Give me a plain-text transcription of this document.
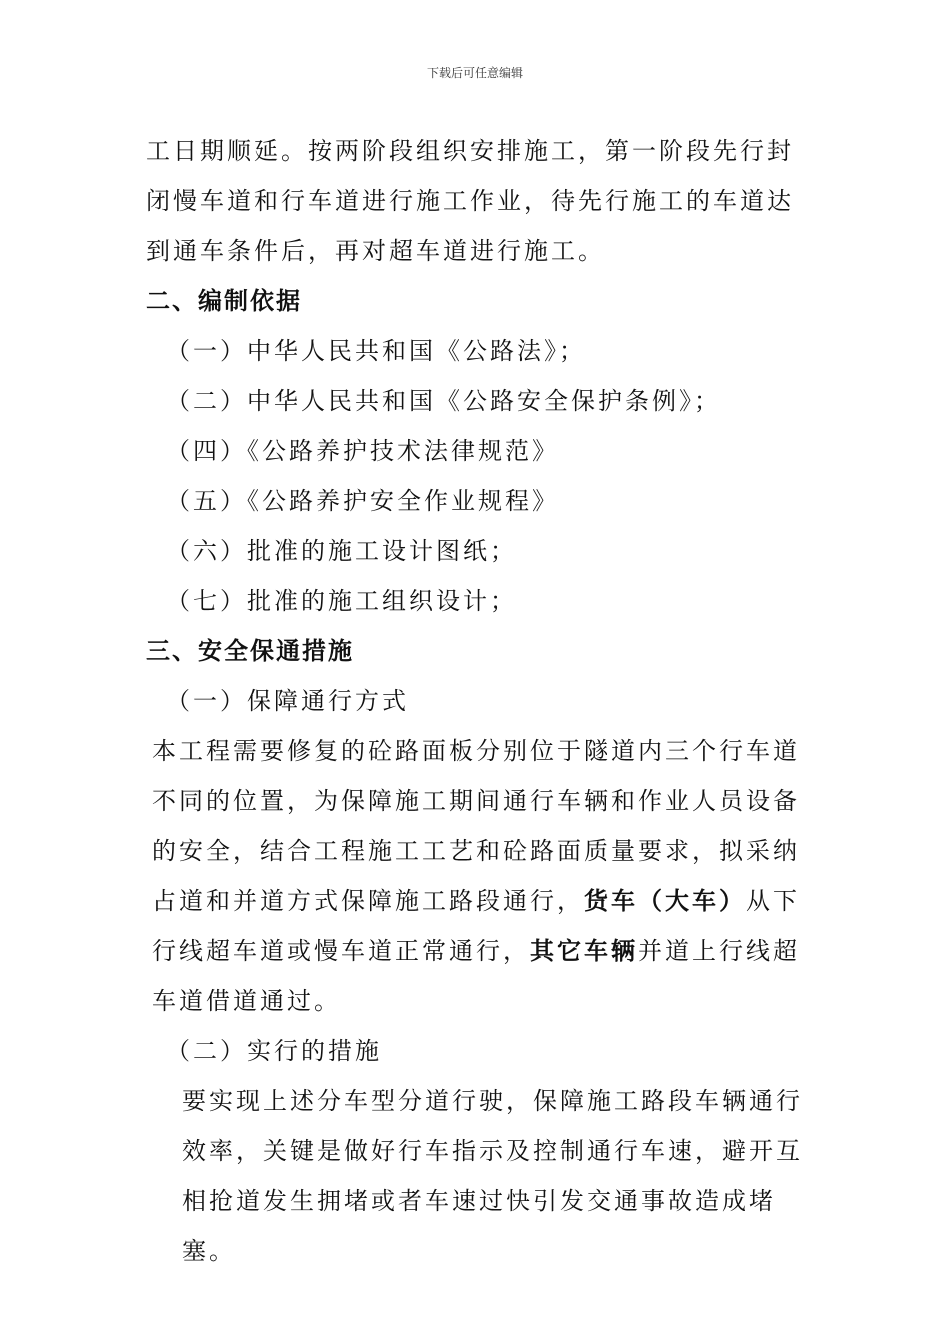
下载后可任意编辑

工日期顺延。按两阶段组织安排施工，第一阶段先行封闭慢车道和行车道进行施工作业，待先行施工的车道达到通车条件后，再对超车道进行施工。

二、编制依据

（一）中华人民共和国《公路法》；

（二）中华人民共和国《公路安全保护条例》；

（四）《公路养护技术法律规范》

（五）《公路养护安全作业规程》

（六）批准的施工设计图纸；

（七）批准的施工组织设计；

三、安全保通措施

（一）保障通行方式

本工程需要修复的砼路面板分别位于隧道内三个行车道不同的位置，为保障施工期间通行车辆和作业人员设备的安全，结合工程施工工艺和砼路面质量要求，拟采纳占道和并道方式保障施工路段通行，货车（大车）从下行线超车道或慢车道正常通行，其它车辆并道上行线超车道借道通过。

（二）实行的措施

要实现上述分车型分道行驶，保障施工路段车辆通行效率，关键是做好行车指示及控制通行车速，避开互相抢道发生拥堵或者车速过快引发交通事故造成堵塞。
